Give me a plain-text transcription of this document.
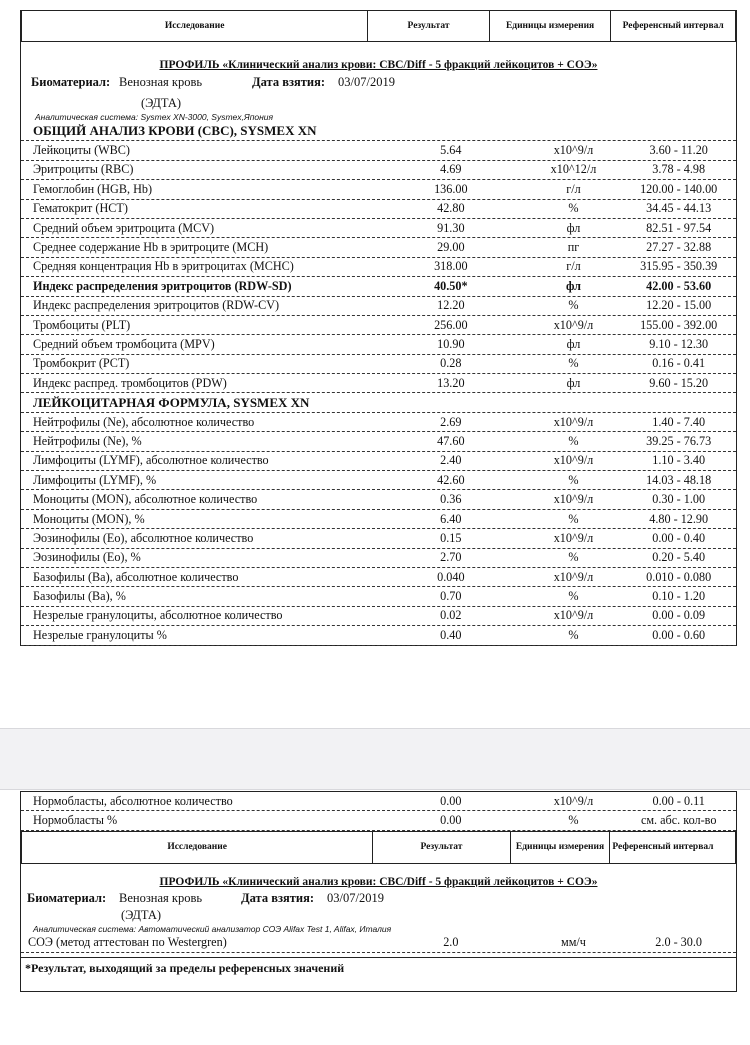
Исследование	Результат	Единицы измерения	Референсный интервал
ПРОФИЛЬ «Клинический анализ крови: CBC/Diff - 5 фракций лейкоцитов + СОЭ»
Биоматериал: Венозная кровь	Дата взятия:	03/07/2019
(ЭДТА)
Аналитическая система: Sysmex XN-3000, Sysmex,Япония
ОБЩИЙ АНАЛИЗ КРОВИ (CBC), SYSMEX XN
Лейкоциты (WBC)	5.64	x10^9/л	3.60 - 11.20
Эритроциты (RBC)	4.69	x10^12/л	3.78 - 4.98
Гемоглобин (HGB, Hb)	136.00	г/л	120.00 - 140.00
Гематокрит (HCT)	42.80	%	34.45 - 44.13
Средний объем эритроцита (MCV)	91.30	фл	82.51 - 97.54
Среднее содержание Hb в эритроците (MCH)	29.00	пг	27.27 - 32.88
Средняя концентрация Hb в эритроцитах (MCHC)	318.00	г/л	315.95 - 350.39
Индекс распределения эритроцитов (RDW-SD)	40.50*	фл	42.00 - 53.60
Индекс распределения эритроцитов (RDW-CV)	12.20	%	12.20 - 15.00
Тромбоциты (PLT)	256.00	x10^9/л	155.00 - 392.00
Средний объем тромбоцита (MPV)	10.90	фл	9.10 - 12.30
Тромбокрит (PCT)	0.28	%	0.16 - 0.41
Индекс распред. тромбоцитов (PDW)	13.20	фл	9.60 - 15.20
ЛЕЙКОЦИТАРНАЯ ФОРМУЛА, SYSMEX XN
Нейтрофилы (Ne), абсолютное количество	2.69	x10^9/л	1.40 - 7.40
Нейтрофилы (Ne), %	47.60	%	39.25 - 76.73
Лимфоциты (LYMF), абсолютное количество	2.40	x10^9/л	1.10 - 3.40
Лимфоциты (LYMF), %	42.60	%	14.03 - 48.18
Моноциты (MON), абсолютное количество	0.36	x10^9/л	0.30 - 1.00
Моноциты (MON), %	6.40	%	4.80 - 12.90
Эозинофилы (Eo), абсолютное количество	0.15	x10^9/л	0.00 - 0.40
Эозинофилы (Eo), %	2.70	%	0.20 - 5.40
Базофилы (Ba), абсолютное количество	0.040	x10^9/л	0.010 - 0.080
Базофилы (Ba), %	0.70	%	0.10 - 1.20
Незрелые гранулоциты, абсолютное количество	0.02	x10^9/л	0.00 - 0.09
Незрелые гранулоциты %	0.40	%	0.00 - 0.60
Нормобласты, абсолютное количество	0.00	x10^9/л	0.00 - 0.11
Нормобласты %	0.00	%	см. абс. кол-во
Исследование	Результат	Единицы измерения	Референсный интервал
ПРОФИЛЬ «Клинический анализ крови: CBC/Diff - 5 фракций лейкоцитов + СОЭ»
Биоматериал:	Венозная кровь	Дата взятия:	03/07/2019
(ЭДТА)
Аналитическая система: Автоматический анализатор СОЭ Alifax Test 1, Alifax, Италия
СОЭ (метод аттестован по Westergren)	2.0	мм/ч	2.0 - 30.0
*Результат, выходящий за пределы референсных значений
